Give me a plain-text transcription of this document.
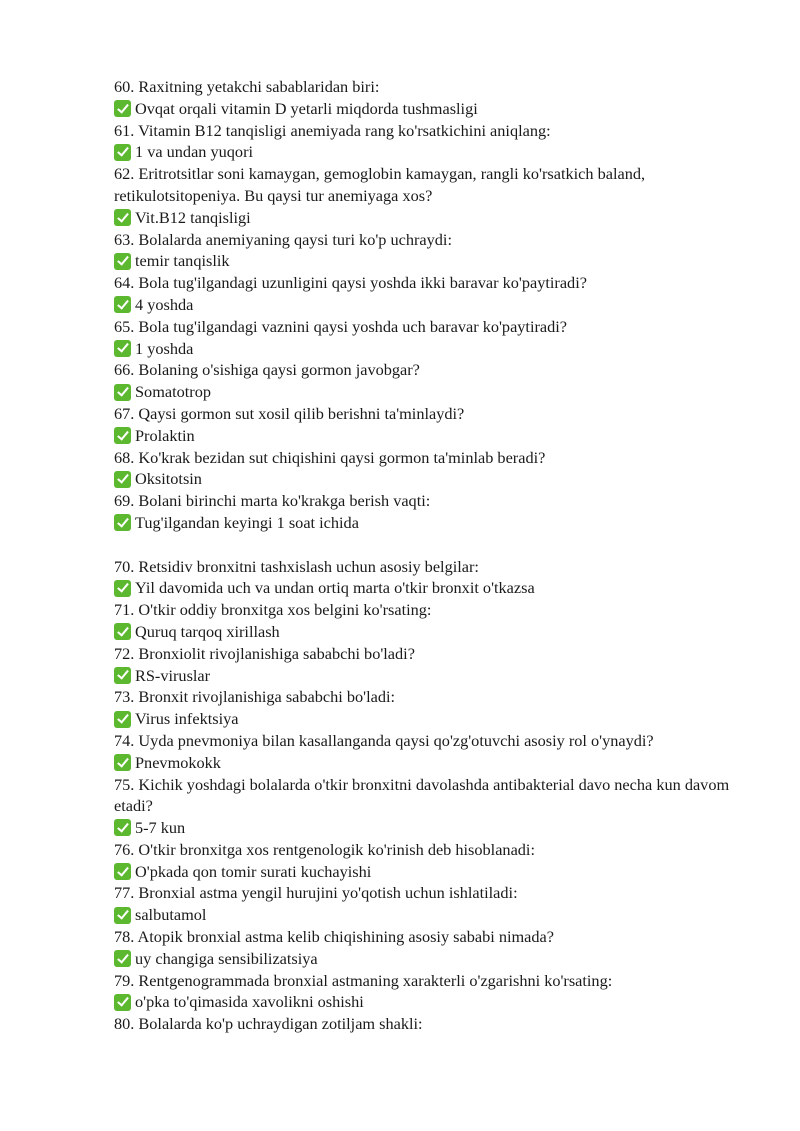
60. Raxitning yetakchi sabablaridan biri:
Ovqat orqali vitamin D yetarli miqdorda tushmasligi
61. Vitamin B12 tanqisligi anemiyada rang ko'rsatkichini aniqlang:
1 va undan yuqori
62. Eritrotsitlar soni kamaygan, gemoglobin kamaygan, rangli ko'rsatkich baland, retikulotsitopeniya. Bu qaysi tur anemiyaga xos?
Vit.B12 tanqisligi
63. Bolalarda anemiyaning qaysi turi ko'p uchraydi:
temir tanqislik
64. Bola tug'ilgandagi uzunligini qaysi yoshda ikki baravar ko'paytiradi?
4 yoshda
65. Bola tug'ilgandagi vaznini qaysi yoshda uch baravar ko'paytiradi?
1 yoshda
66. Bolaning o'sishiga qaysi gormon javobgar?
Somatotrop
67. Qaysi gormon sut xosil qilib berishni ta'minlaydi?
Prolaktin
68. Ko'krak bezidan sut chiqishini qaysi gormon ta'minlab beradi?
Oksitotsin
69. Bolani birinchi marta ko'krakga berish vaqti:
Tug'ilgandan keyingi 1 soat ichida
70. Retsidiv bronxitni tashxislash uchun asosiy belgilar:
Yil davomida uch va undan ortiq marta o'tkir bronxit o'tkazsa
71. O'tkir oddiy bronxitga xos belgini ko'rsating:
Quruq tarqoq xirillash
72. Bronxiolit rivojlanishiga sababchi bo'ladi?
RS-viruslar
73. Bronxit rivojlanishiga sababchi bo'ladi:
Virus infektsiya
74. Uyda pnevmoniya bilan kasallanganda qaysi qo'zg'otuvchi asosiy rol o'ynaydi?
Pnevmokokk
75. Kichik yoshdagi bolalarda o'tkir bronxitni davolashda antibakterial davo necha kun davom etadi?
5-7 kun
76. O'tkir bronxitga xos rentgenologik ko'rinish deb hisoblanadi:
O'pkada qon tomir surati kuchayishi
77. Bronxial astma yengil hurujini yo'qotish uchun ishlatiladi:
salbutamol
78. Atopik bronxial astma kelib chiqishining asosiy sababi nimada?
uy changiga sensibilizatsiya
79. Rentgenogrammada bronxial astmaning xarakterli o'zgarishni ko'rsating:
o'pka to'qimasida xavolikni oshishi
80. Bolalarda ko'p uchraydigan zotiljam shakli:
